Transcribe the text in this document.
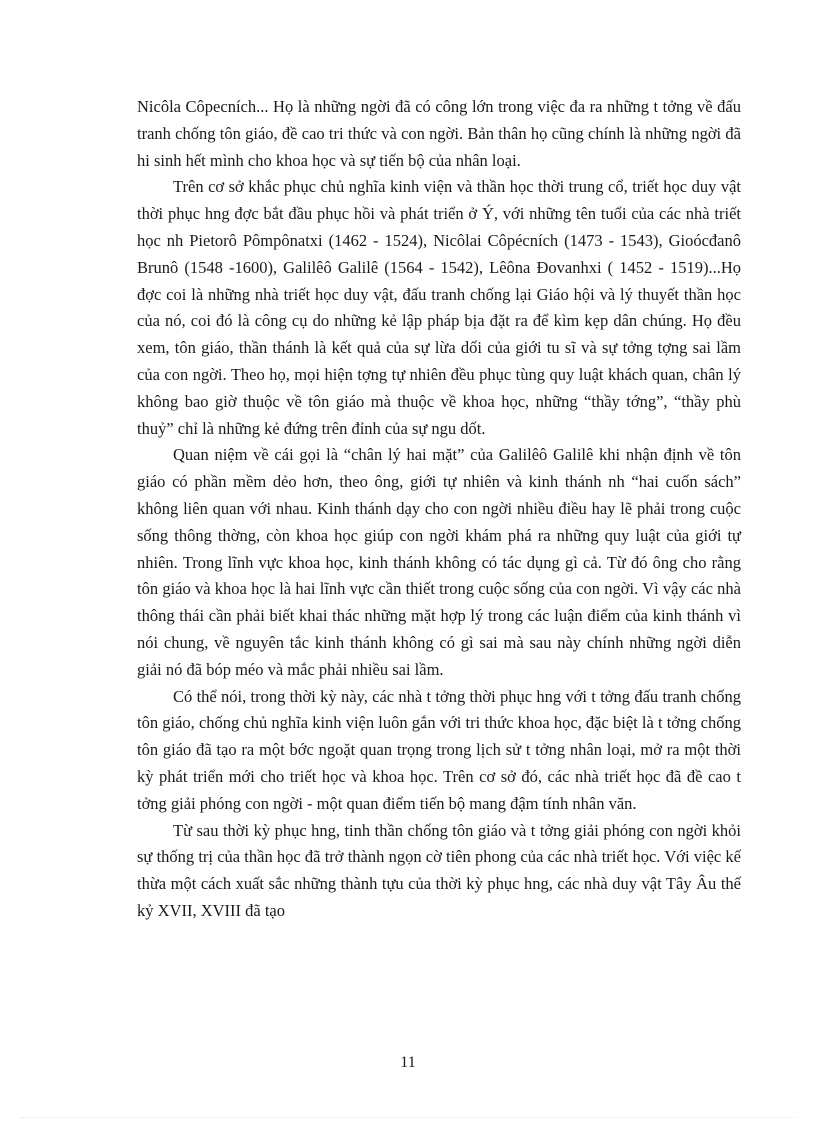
Nicôla Côpecních... Họ là những ngời đã có công lớn trong việc đa ra những t tởng về đấu tranh chống tôn giáo, đề cao tri thức và con ngời. Bản thân họ cũng chính là những ngời đã hi sinh hết mình cho khoa học và sự tiến bộ của nhân loại.

Trên cơ sở khắc phục chủ nghĩa kinh viện và thần học thời trung cổ, triết học duy vật thời phục hng đợc bắt đầu phục hồi và phát triển ở Ý, với những tên tuổi của các nhà triết học nh Pietorô Pômpônatxi (1462 - 1524), Nicôlai Côpécních (1473 - 1543), Gioócđanô Brunô (1548 -1600), Galilêô Galilê (1564 - 1542), Lêôna Đovanhxi ( 1452 - 1519)...Họ đợc coi là những nhà triết học duy vật, đấu tranh chống lại Giáo hội và lý thuyết thần học của nó, coi đó là công cụ do những kẻ lập pháp bịa đặt ra để kìm kẹp dân chúng. Họ đều xem, tôn giáo, thần thánh là kết quả của sự lừa dối của giới tu sĩ và sự tởng tợng sai lầm của con ngời. Theo họ, mọi hiện tợng tự nhiên đều phục tùng quy luật khách quan, chân lý không bao giờ thuộc về tôn giáo mà thuộc về khoa học, những “thầy tớng”, “thầy phù thuỷ” chỉ là những kẻ đứng trên đỉnh của sự ngu dốt.

Quan niệm về cái gọi là “chân lý hai mặt” của Galilêô Galilê khi nhận định về tôn giáo có phần mềm dẻo hơn, theo ông, giới tự nhiên và kinh thánh nh “hai cuốn sách” không liên quan với nhau. Kinh thánh dạy cho con ngời nhiều điều hay lẽ phải trong cuộc sống thông thờng, còn khoa học giúp con ngời khám phá ra những quy luật của giới tự nhiên. Trong lĩnh vực khoa học, kinh thánh không có tác dụng gì cả. Từ đó ông cho rằng tôn giáo và khoa học là hai lĩnh vực cần thiết trong cuộc sống của con ngời. Vì vậy các nhà thông thái cần phải biết khai thác những mặt hợp lý trong các luận điểm của kinh thánh vì nói chung, về nguyên tắc kinh thánh không có gì sai mà sau này chính những ngời diễn giải nó đã bóp méo và mắc phải nhiều sai lầm.

Có thể nói, trong thời kỳ này, các nhà t tởng thời phục hng với t tởng đấu tranh chống tôn giáo, chống chủ nghĩa kinh viện luôn gắn với tri thức khoa học, đặc biệt là t tởng chống tôn giáo đã tạo ra một bớc ngoặt quan trọng trong lịch sử t tởng nhân loại, mở ra một thời kỳ phát triển mới cho triết học và khoa học. Trên cơ sở đó, các nhà triết học đã đề cao t tởng giải phóng con ngời - một quan điểm tiến bộ mang đậm tính nhân văn.

Từ sau thời kỳ phục hng, tinh thần chống tôn giáo và t tởng giải phóng con ngời khỏi sự thống trị của thần học đã trở thành ngọn cờ tiên phong của các nhà triết học. Với việc kế thừa một cách xuất sắc những thành tựu của thời kỳ phục hng, các nhà duy vật Tây Âu thế kỷ XVII, XVIII đã tạo

11
